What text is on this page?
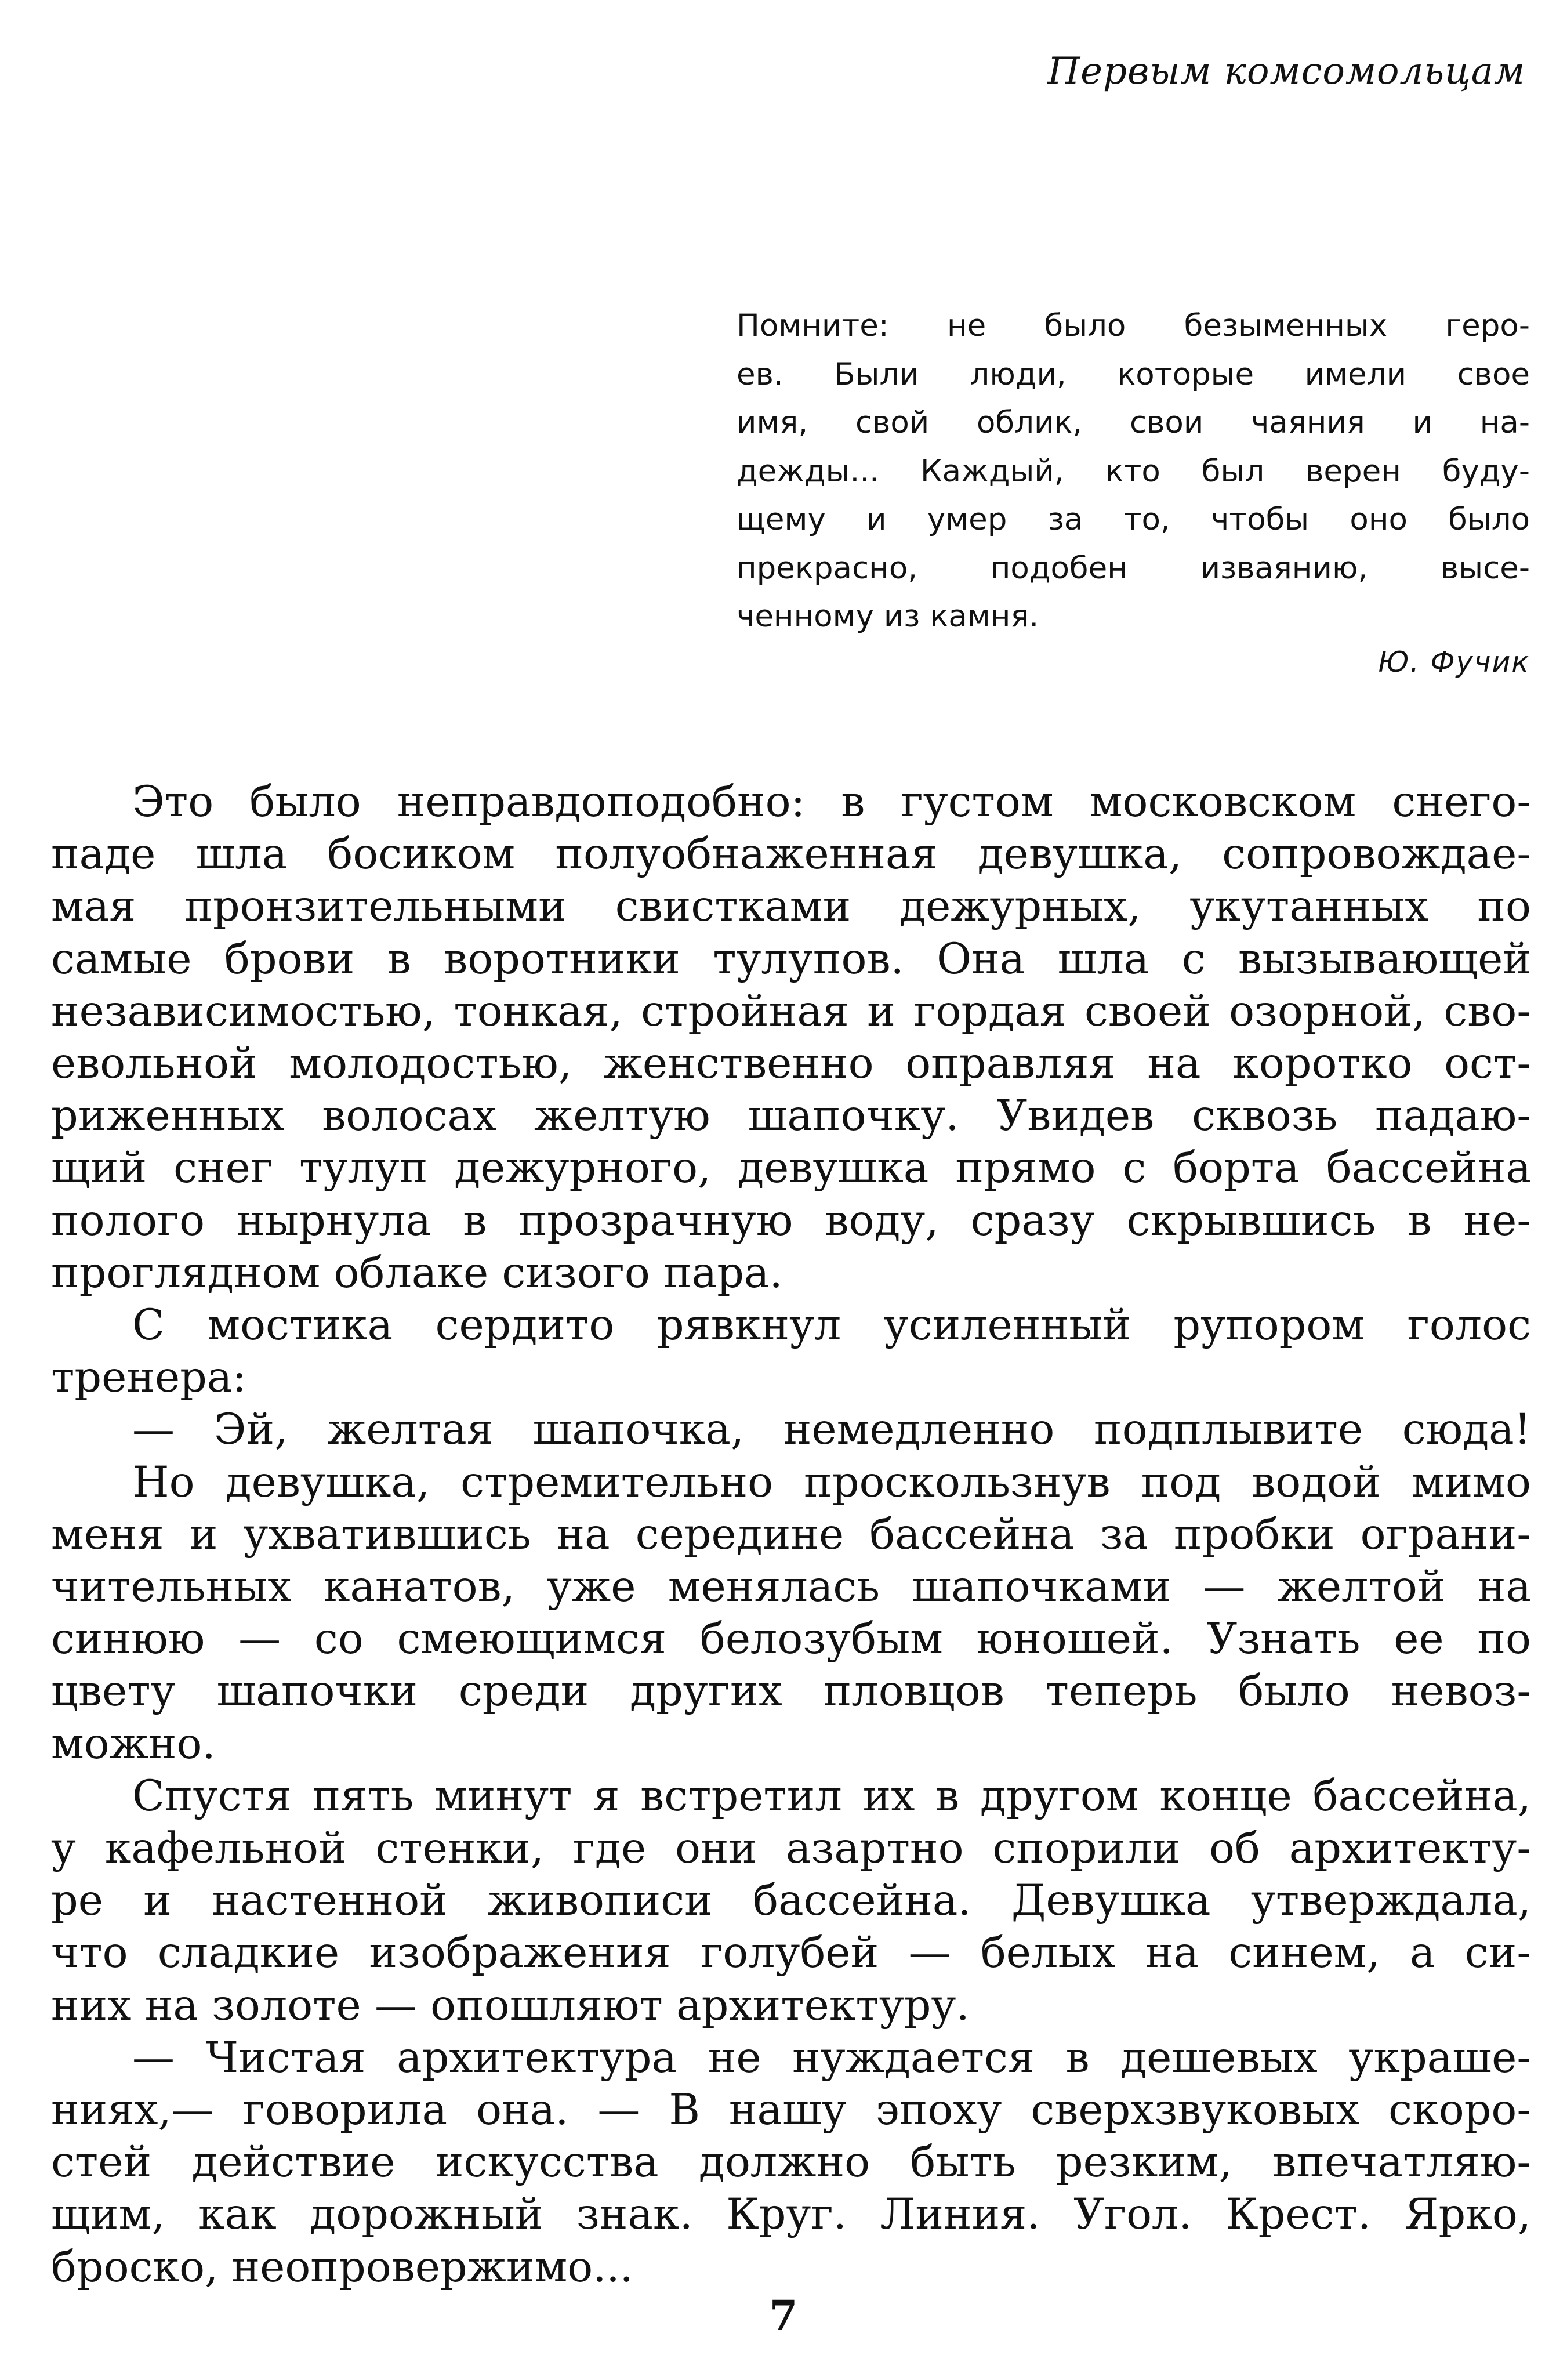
Первым комсомольцам
Помните: не было безыменных геро-
ев. Были люди, которые имели свое
имя, свой облик, свои чаяния и на-
дежды... Каждый, кто был верен буду-
щему и умер за то, чтобы оно было
прекрасно, подобен изваянию, высе-
ченному из камня.
Ю. Фучик
Это было неправдоподобно: в густом московском снего-
паде шла босиком полуобнаженная девушка, сопровождае-
мая пронзительными свистками дежурных, укутанных по
самые брови в воротники тулупов. Она шла с вызывающей
независимостью, тонкая, стройная и гордая своей озорной, сво-
евольной молодостью, женственно оправляя на коротко ост-
риженных волосах желтую шапочку. Увидев сквозь падаю-
щий снег тулуп дежурного, девушка прямо с борта бассейна
полого нырнула в прозрачную воду, сразу скрывшись в не-
проглядном облаке сизого пара.
С мостика сердито рявкнул усиленный рупором голос
тренера:
— Эй, желтая шапочка, немедленно подплывите сюда!
Но девушка, стремительно проскользнув под водой мимо
меня и ухватившись на середине бассейна за пробки ограни-
чительных канатов, уже менялась шапочками — желтой на
синюю — со смеющимся белозубым юношей. Узнать ее по
цвету шапочки среди других пловцов теперь было невоз-
можно.
Спустя пять минут я встретил их в другом конце бассейна,
у кафельной стенки, где они азартно спорили об архитекту-
ре и настенной живописи бассейна. Девушка утверждала,
что сладкие изображения голубей — белых на синем, а си-
них на золоте — опошляют архитектуру.
— Чистая архитектура не нуждается в дешевых украше-
ниях,— говорила она. — В нашу эпоху сверхзвуковых скоро-
стей действие искусства должно быть резким, впечатляю-
щим, как дорожный знак. Круг. Линия. Угол. Крест. Ярко,
броско, неопровержимо...
7
